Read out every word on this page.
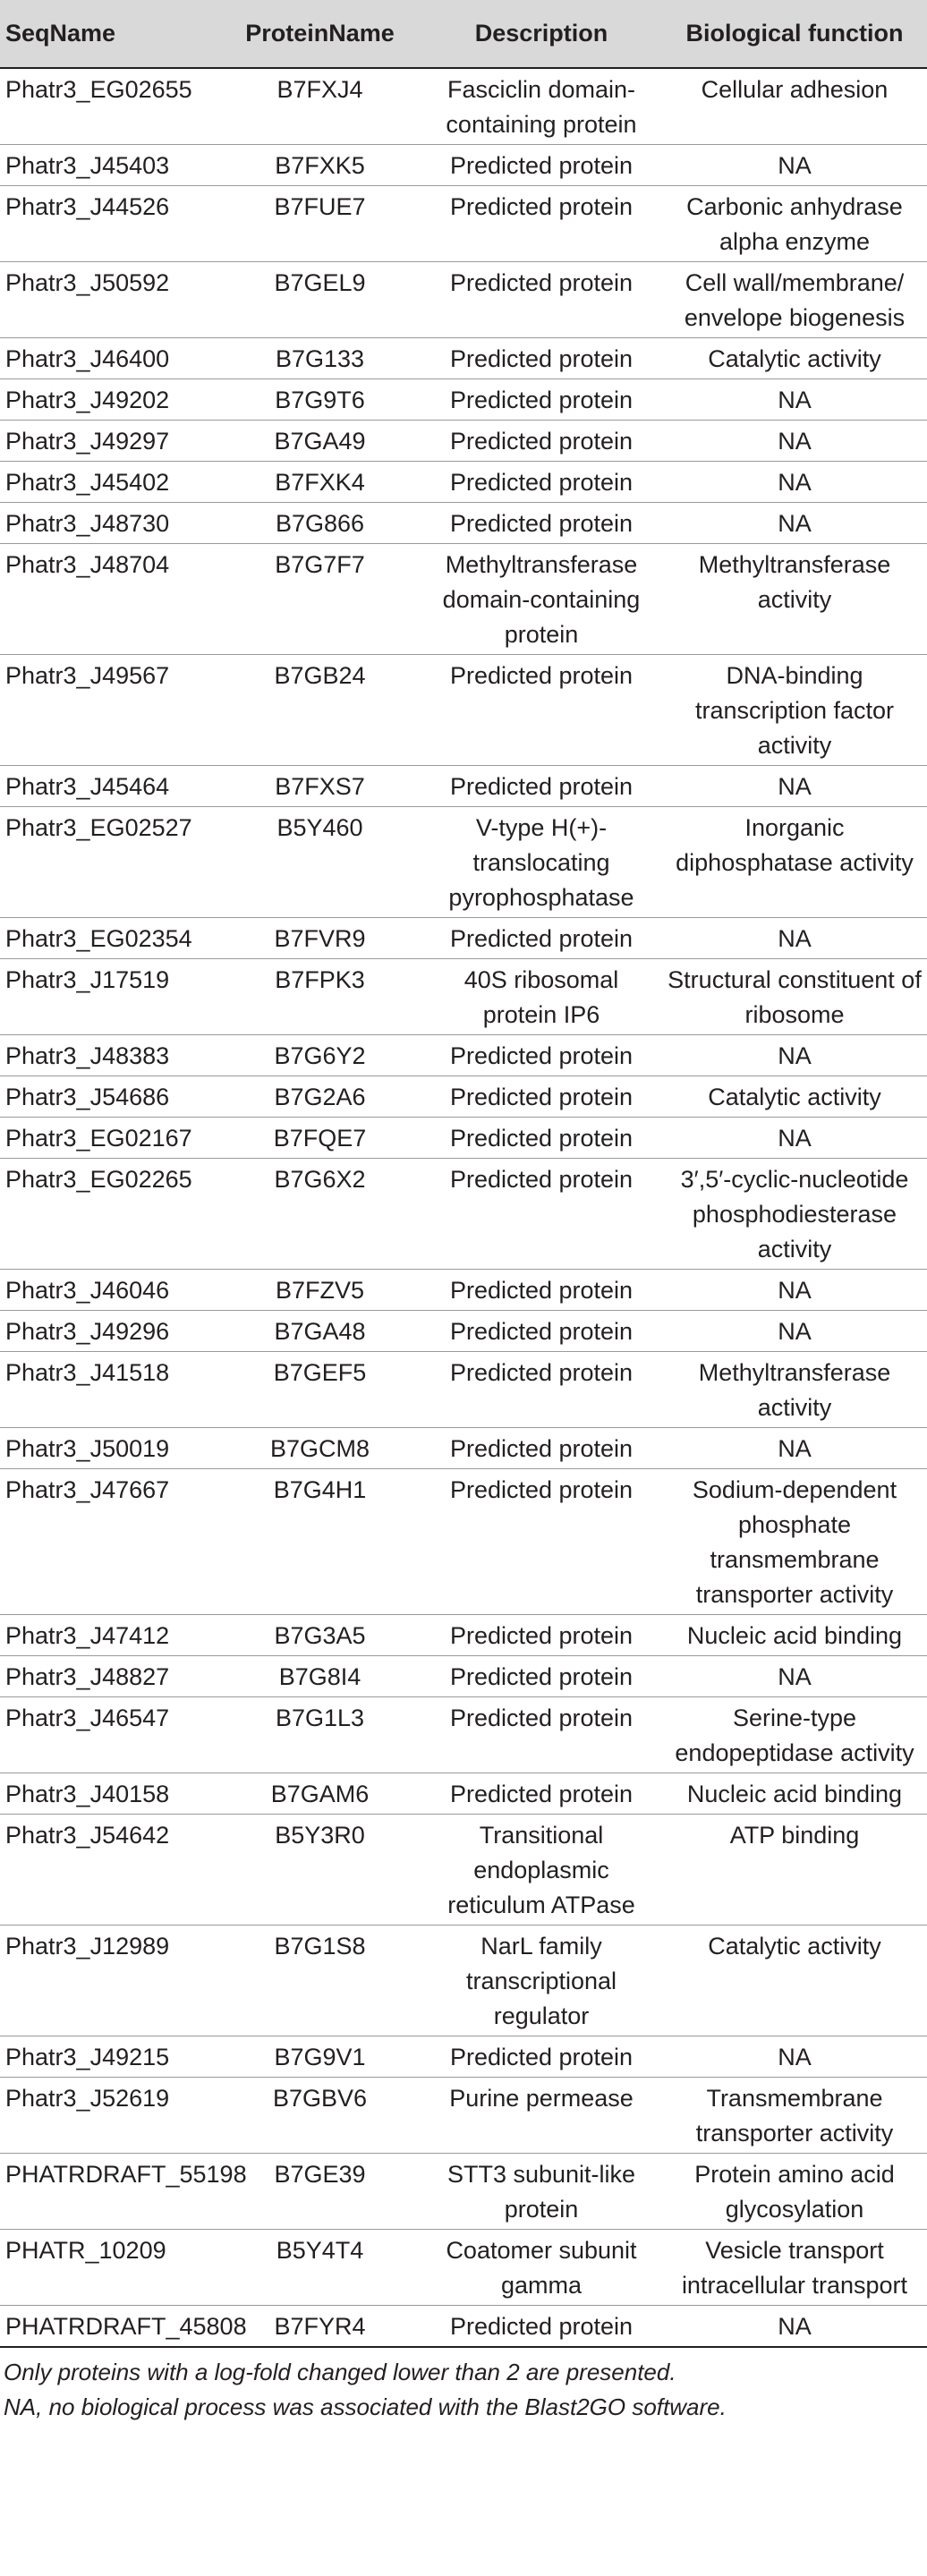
SeqName	ProteinName	Description	Biological function
Phatr3_EG02655	B7FXJ4	Fasciclin domain-containing protein	Cellular adhesion
Phatr3_J45403	B7FXK5	Predicted protein	NA
Phatr3_J44526	B7FUE7	Predicted protein	Carbonic anhydrase alpha enzyme
Phatr3_J50592	B7GEL9	Predicted protein	Cell wall/membrane/ envelope biogenesis
Phatr3_J46400	B7G133	Predicted protein	Catalytic activity
Phatr3_J49202	B7G9T6	Predicted protein	NA
Phatr3_J49297	B7GA49	Predicted protein	NA
Phatr3_J45402	B7FXK4	Predicted protein	NA
Phatr3_J48730	B7G866	Predicted protein	NA
Phatr3_J48704	B7G7F7	Methyltransferase domain-containing protein	Methyltransferase activity
Phatr3_J49567	B7GB24	Predicted protein	DNA-binding transcription factor activity
Phatr3_J45464	B7FXS7	Predicted protein	NA
Phatr3_EG02527	B5Y460	V-type H(+)-translocating pyrophosphatase	Inorganic diphosphatase activity
Phatr3_EG02354	B7FVR9	Predicted protein	NA
Phatr3_J17519	B7FPK3	40S ribosomal protein IP6	Structural constituent of ribosome
Phatr3_J48383	B7G6Y2	Predicted protein	NA
Phatr3_J54686	B7G2A6	Predicted protein	Catalytic activity
Phatr3_EG02167	B7FQE7	Predicted protein	NA
Phatr3_EG02265	B7G6X2	Predicted protein	3′,5′-cyclic-nucleotide phosphodiesterase activity
Phatr3_J46046	B7FZV5	Predicted protein	NA
Phatr3_J49296	B7GA48	Predicted protein	NA
Phatr3_J41518	B7GEF5	Predicted protein	Methyltransferase activity
Phatr3_J50019	B7GCM8	Predicted protein	NA
Phatr3_J47667	B7G4H1	Predicted protein	Sodium-dependent phosphate transmembrane transporter activity
Phatr3_J47412	B7G3A5	Predicted protein	Nucleic acid binding
Phatr3_J48827	B7G8I4	Predicted protein	NA
Phatr3_J46547	B7G1L3	Predicted protein	Serine-type endopeptidase activity
Phatr3_J40158	B7GAM6	Predicted protein	Nucleic acid binding
Phatr3_J54642	B5Y3R0	Transitional endoplasmic reticulum ATPase	ATP binding
Phatr3_J12989	B7G1S8	NarL family transcriptional regulator	Catalytic activity
Phatr3_J49215	B7G9V1	Predicted protein	NA
Phatr3_J52619	B7GBV6	Purine permease	Transmembrane transporter activity
PHATRDRAFT_55198	B7GE39	STT3 subunit-like protein	Protein amino acid glycosylation
PHATR_10209	B5Y4T4	Coatomer subunit gamma	Vesicle transport intracellular transport
PHATRDRAFT_45808	B7FYR4	Predicted protein	NA
Only proteins with a log-fold changed lower than 2 are presented.
NA, no biological process was associated with the Blast2GO software.
